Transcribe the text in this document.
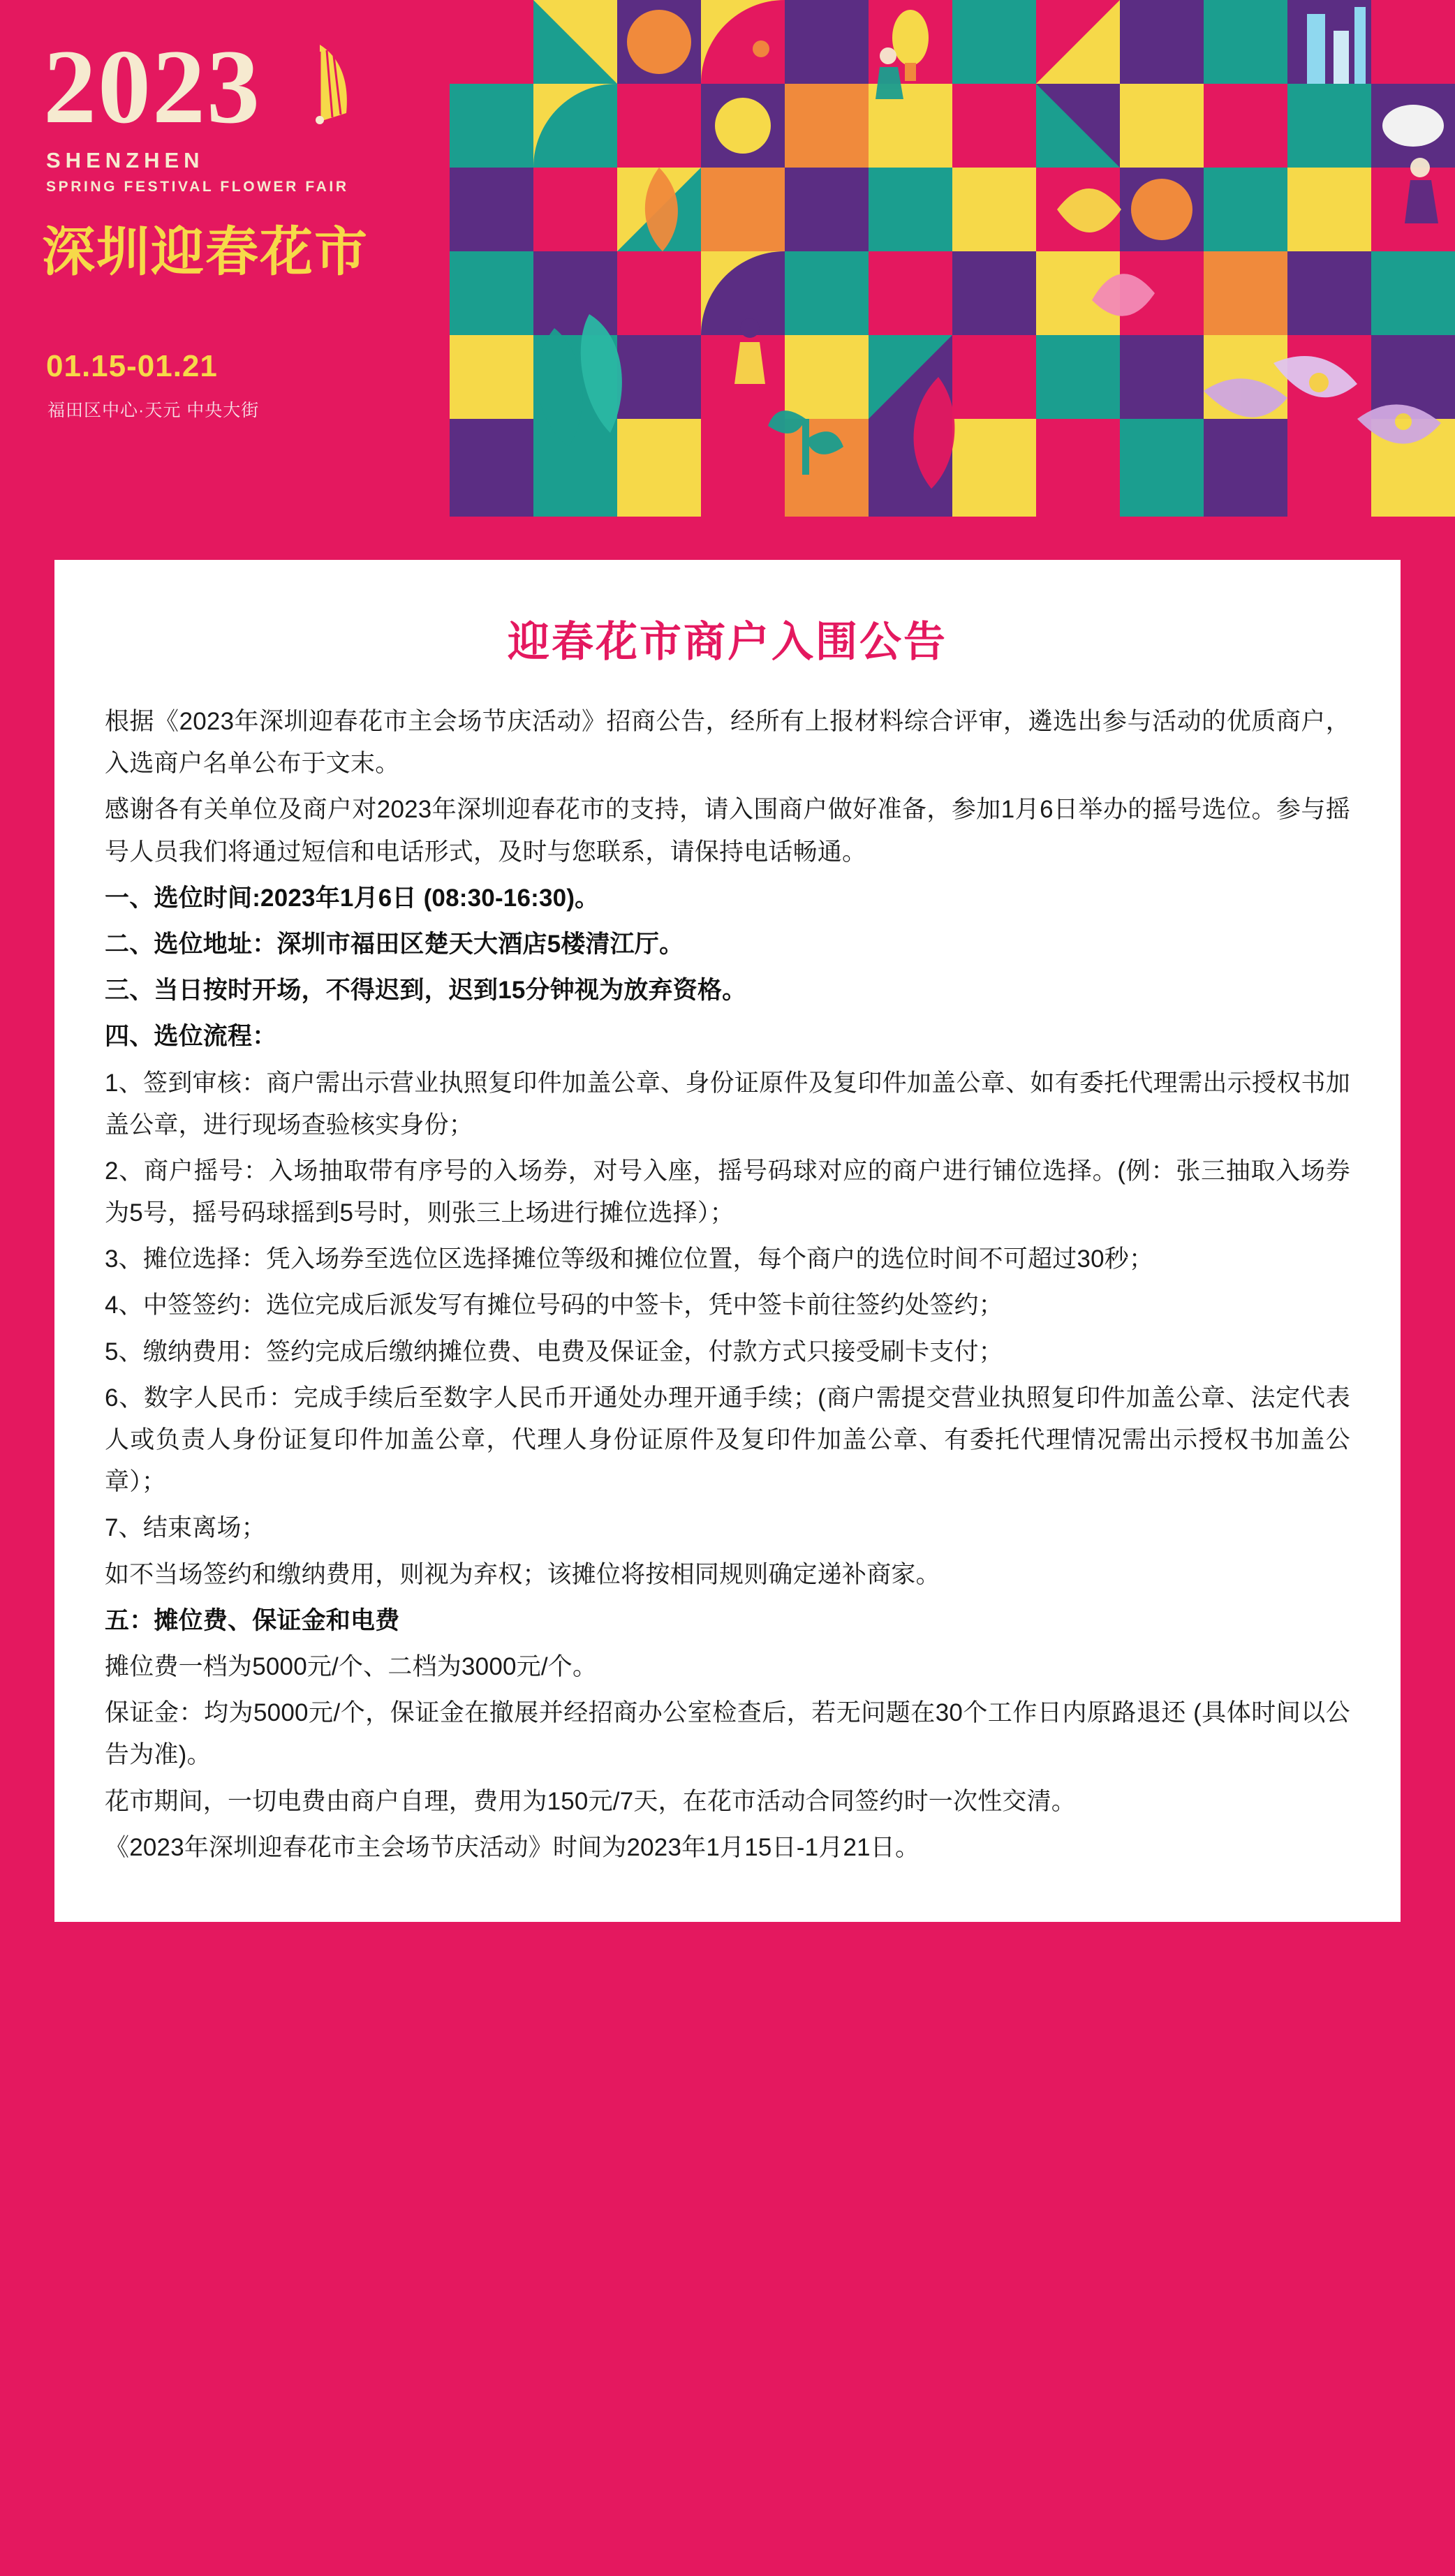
2023
SHENZHEN
SPRING FESTIVAL FLOWER FAIR
深圳迎春花市
01.15-01.21
福田区中心·天元 中央大街
迎春花市商户入围公告

根据《2023年深圳迎春花市主会场节庆活动》招商公告，经所有上报材料综合评审，遴选出参与活动的优质商户，入选商户名单公布于文末。

感谢各有关单位及商户对2023年深圳迎春花市的支持，请入围商户做好准备，参加1月6日举办的摇号选位。参与摇号人员我们将通过短信和电话形式，及时与您联系，请保持电话畅通。

一、选位时间:2023年1月6日 (08:30-16:30)。

二、选位地址：深圳市福田区楚天大酒店5楼清江厅。

三、当日按时开场，不得迟到，迟到15分钟视为放弃资格。

四、选位流程：

1、签到审核：商户需出示营业执照复印件加盖公章、身份证原件及复印件加盖公章、如有委托代理需出示授权书加盖公章，进行现场查验核实身份；

2、商户摇号：入场抽取带有序号的入场券，对号入座，摇号码球对应的商户进行铺位选择。(例：张三抽取入场券为5号，摇号码球摇到5号时，则张三上场进行摊位选择）；

3、摊位选择：凭入场券至选位区选择摊位等级和摊位位置，每个商户的选位时间不可超过30秒；

4、中签签约：选位完成后派发写有摊位号码的中签卡，凭中签卡前往签约处签约；

5、缴纳费用：签约完成后缴纳摊位费、电费及保证金，付款方式只接受刷卡支付；

6、数字人民币：完成手续后至数字人民币开通处办理开通手续；(商户需提交营业执照复印件加盖公章、法定代表人或负责人身份证复印件加盖公章，代理人身份证原件及复印件加盖公章、有委托代理情况需出示授权书加盖公章）；

7、结束离场；

如不当场签约和缴纳费用，则视为弃权；该摊位将按相同规则确定递补商家。

五：摊位费、保证金和电费

摊位费一档为5000元/个、二档为3000元/个。

保证金：均为5000元/个，保证金在撤展并经招商办公室检查后，若无问题在30个工作日内原路退还 (具体时间以公告为准)。

花市期间，一切电费由商户自理，费用为150元/7天，在花市活动合同签约时一次性交清。

《2023年深圳迎春花市主会场节庆活动》时间为2023年1月15日-1月21日。
